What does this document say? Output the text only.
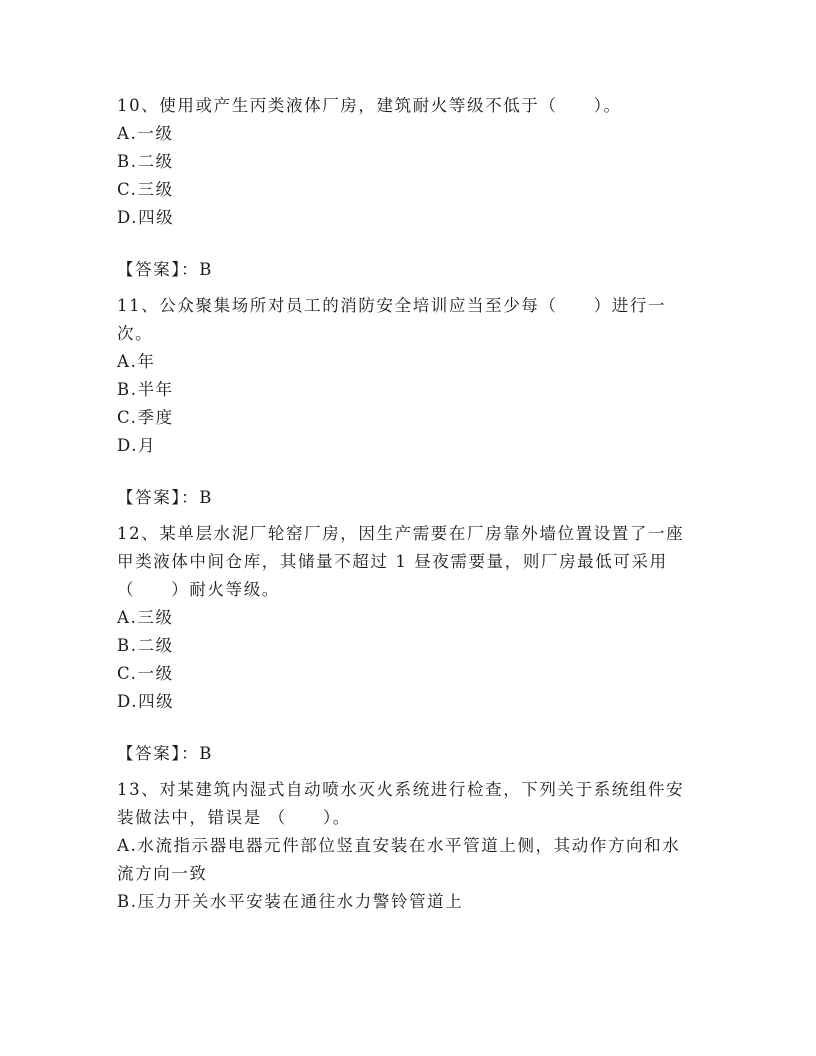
10、使用或产生丙类液体厂房，建筑耐火等级不低于（　　）。

A.一级

B.二级

C.三级

D.四级

【答案】：B

11、公众聚集场所对员工的消防安全培训应当至少每（　　）进行一次。

A.年

B.半年

C.季度

D.月

【答案】：B

12、某单层水泥厂轮窑厂房，因生产需要在厂房靠外墙位置设置了一座甲类液体中间仓库，其储量不超过 1 昼夜需要量，则厂房最低可采用（　　）耐火等级。

A.三级

B.二级

C.一级

D.四级

【答案】：B

13、对某建筑内湿式自动喷水灭火系统进行检查，下列关于系统组件安装做法中，错误是 （　　）。

A.水流指示器电器元件部位竖直安装在水平管道上侧，其动作方向和水流方向一致

B.压力开关水平安装在通往水力警铃管道上
